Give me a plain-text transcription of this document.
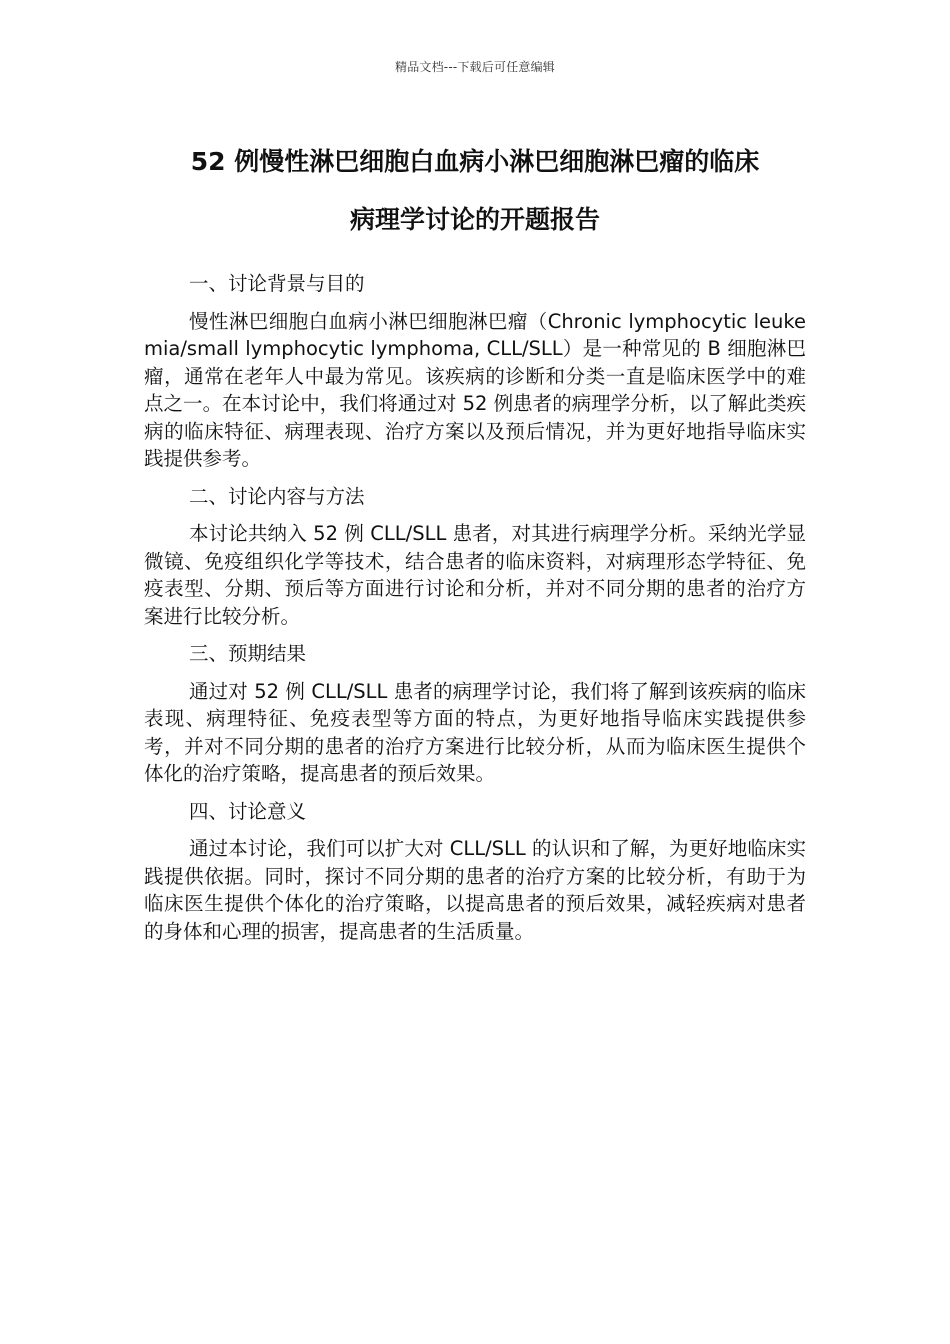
精品文档---下载后可任意编辑
52 例慢性淋巴细胞白血病小淋巴细胞淋巴瘤的临床
病理学讨论的开题报告

一、讨论背景与目的

慢性淋巴细胞白血病小淋巴细胞淋巴瘤（Chronic lymphocytic leukemia/small lymphocytic lymphoma, CLL/SLL）是一种常见的 B 细胞淋巴瘤，通常在老年人中最为常见。该疾病的诊断和分类一直是临床医学中的难点之一。在本讨论中，我们将通过对 52 例患者的病理学分析，以了解此类疾病的临床特征、病理表现、治疗方案以及预后情况，并为更好地指导临床实践提供参考。

二、讨论内容与方法

本讨论共纳入 52 例 CLL/SLL 患者，对其进行病理学分析。采纳光学显微镜、免疫组织化学等技术，结合患者的临床资料，对病理形态学特征、免疫表型、分期、预后等方面进行讨论和分析，并对不同分期的患者的治疗方案进行比较分析。

三、预期结果

通过对 52 例 CLL/SLL 患者的病理学讨论，我们将了解到该疾病的临床表现、病理特征、免疫表型等方面的特点，为更好地指导临床实践提供参考，并对不同分期的患者的治疗方案进行比较分析，从而为临床医生提供个体化的治疗策略，提高患者的预后效果。

四、讨论意义

通过本讨论，我们可以扩大对 CLL/SLL 的认识和了解，为更好地临床实践提供依据。同时，探讨不同分期的患者的治疗方案的比较分析，有助于为临床医生提供个体化的治疗策略，以提高患者的预后效果，减轻疾病对患者的身体和心理的损害，提高患者的生活质量。
